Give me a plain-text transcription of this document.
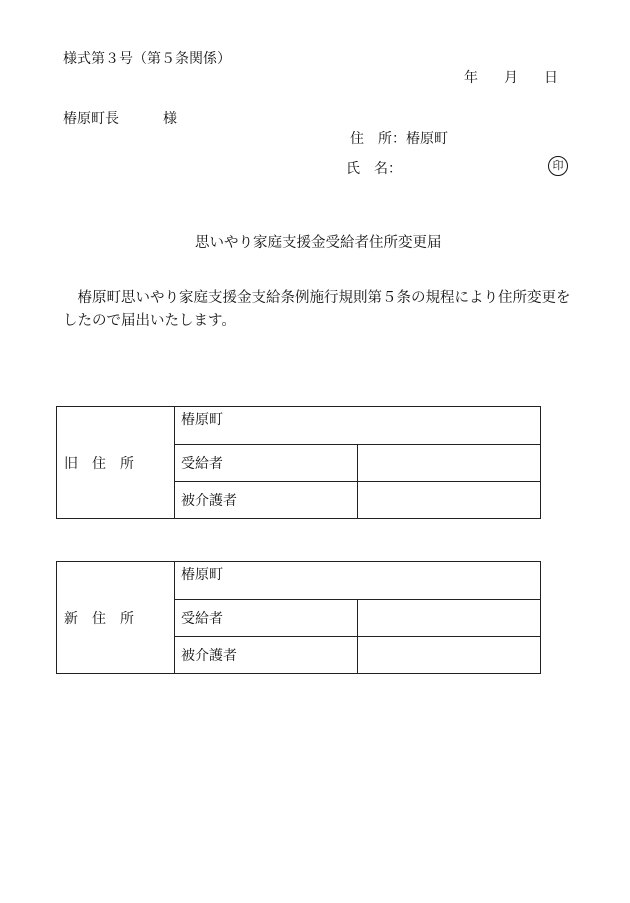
様式第３号（第５条関係）
年 月 日
椿原町長	様
住　所：椿原町
氏　名：	印
思いやり家庭支援金受給者住所変更届
　椿原町思いやり家庭支援金支給条例施行規則第５条の規程により住所変更をしたので届出いたします。
旧　住　所	椿原町	
	受給者	
	被介護者	
新　住　所	椿原町	
	受給者	
	被介護者	
